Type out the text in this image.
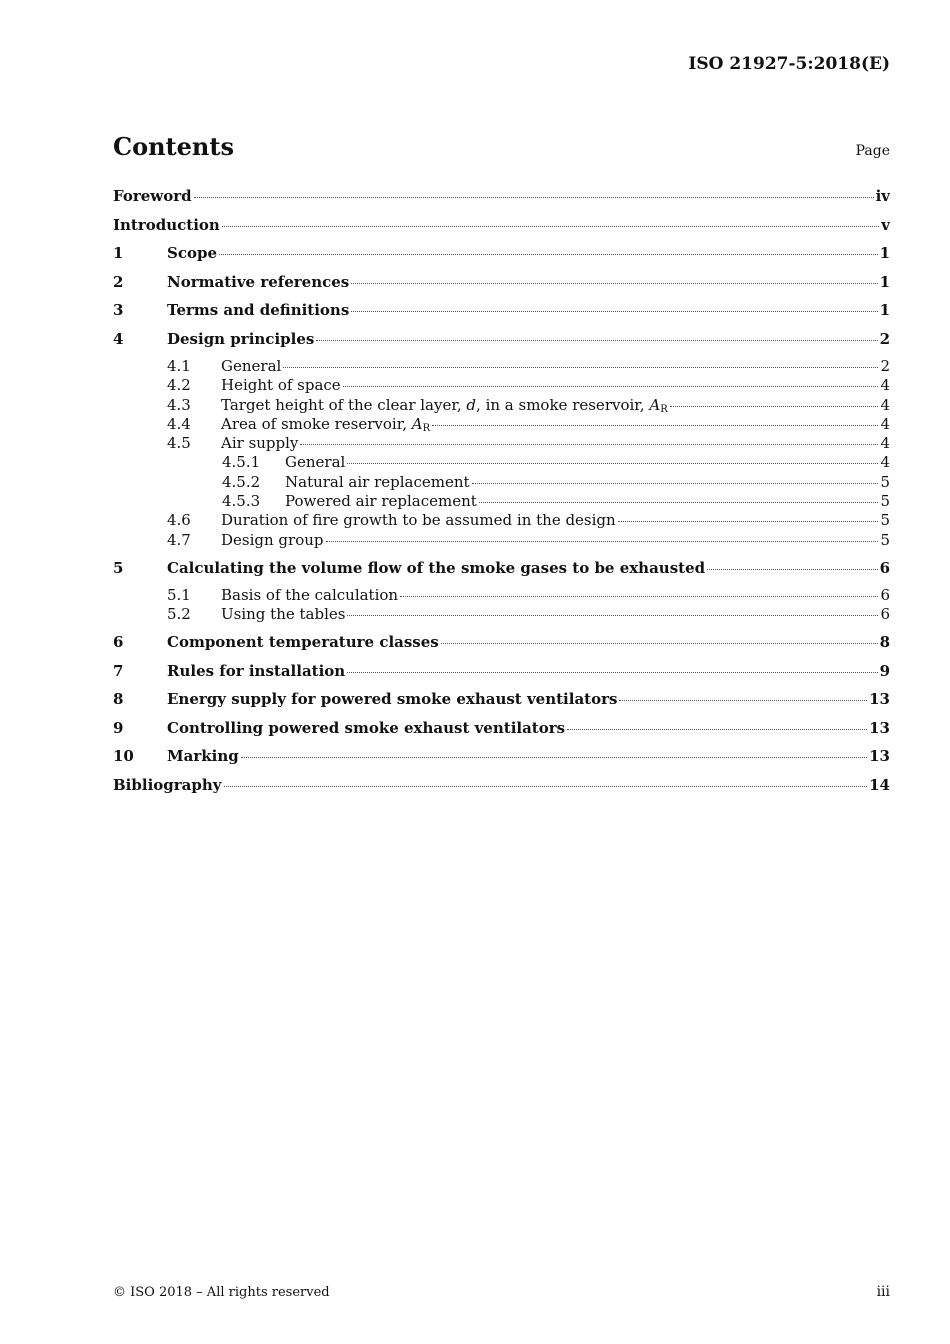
ISO 21927-5:2018(E)
Contents	Page
Foreword	iv
Introduction	v
1	Scope	1
2	Normative references	1
3	Terms and definitions	1
4	Design principles	2
4.1	General	2
4.2	Height of space	4
4.3	Target height of the clear layer, d, in a smoke reservoir, $A_R$	4
4.4	Area of smoke reservoir, $A_R$	4
4.5	Air supply	4
4.5.1	General	4
4.5.2	Natural air replacement	5
4.5.3	Powered air replacement	5
4.6	Duration of fire growth to be assumed in the design	5
4.7	Design group	5
5	Calculating the volume flow of the smoke gases to be exhausted	6
5.1	Basis of the calculation	6
5.2	Using the tables	6
6	Component temperature classes	8
7	Rules for installation	9
8	Energy supply for powered smoke exhaust ventilators	13
9	Controlling powered smoke exhaust ventilators	13
10	Marking	13
Bibliography	14
© ISO 2018 – All rights reserved	iii
